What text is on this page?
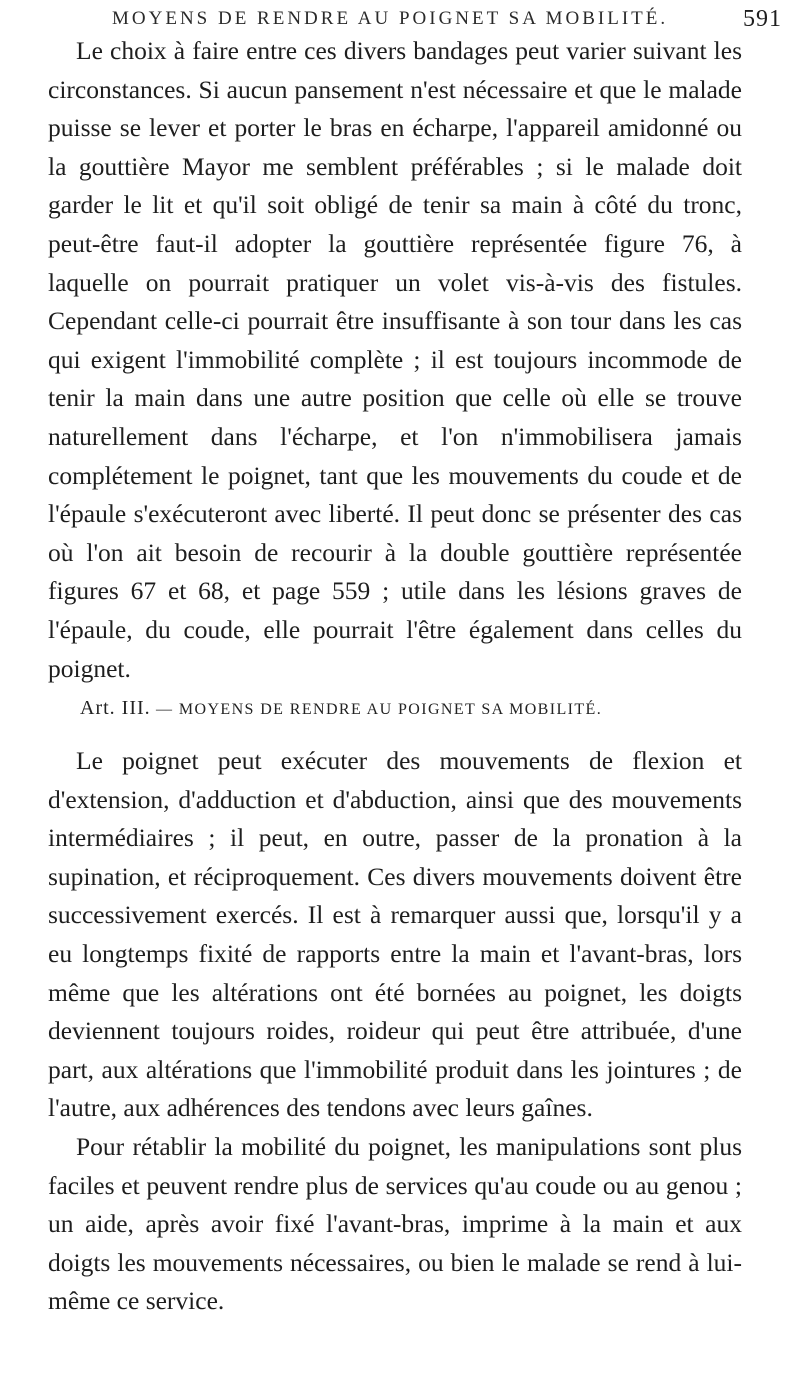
MOYENS DE RENDRE AU POIGNET SA MOBILITÉ.	591

Le choix à faire entre ces divers bandages peut varier suivant les circonstances. Si aucun pansement n'est nécessaire et que le malade puisse se lever et porter le bras en écharpe, l'appareil amidonné ou la gouttière Mayor me semblent préférables ; si le malade doit garder le lit et qu'il soit obligé de tenir sa main à côté du tronc, peut-être faut-il adopter la gouttière représentée figure 76, à laquelle on pourrait pratiquer un volet vis-à-vis des fistules. Cependant celle-ci pourrait être insuffisante à son tour dans les cas qui exigent l'immobilité complète ; il est toujours incommode de tenir la main dans une autre position que celle où elle se trouve naturellement dans l'écharpe, et l'on n'immobilisera jamais complétement le poignet, tant que les mouvements du coude et de l'épaule s'exécuteront avec liberté. Il peut donc se présenter des cas où l'on ait besoin de recourir à la double gouttière représentée figures 67 et 68, et page 559 ; utile dans les lésions graves de l'épaule, du coude, elle pourrait l'être également dans celles du poignet.

Art. III. — MOYENS DE RENDRE AU POIGNET SA MOBILITÉ.

Le poignet peut exécuter des mouvements de flexion et d'extension, d'adduction et d'abduction, ainsi que des mouvements intermédiaires ; il peut, en outre, passer de la pronation à la supination, et réciproquement. Ces divers mouvements doivent être successivement exercés. Il est à remarquer aussi que, lorsqu'il y a eu longtemps fixité de rapports entre la main et l'avant-bras, lors même que les altérations ont été bornées au poignet, les doigts deviennent toujours roides, roideur qui peut être attribuée, d'une part, aux altérations que l'immobilité produit dans les jointures ; de l'autre, aux adhérences des tendons avec leurs gaînes.

Pour rétablir la mobilité du poignet, les manipulations sont plus faciles et peuvent rendre plus de services qu'au coude ou au genou ; un aide, après avoir fixé l'avant-bras, imprime à la main et aux doigts les mouvements nécessaires, ou bien le malade se rend à lui-même ce service.
